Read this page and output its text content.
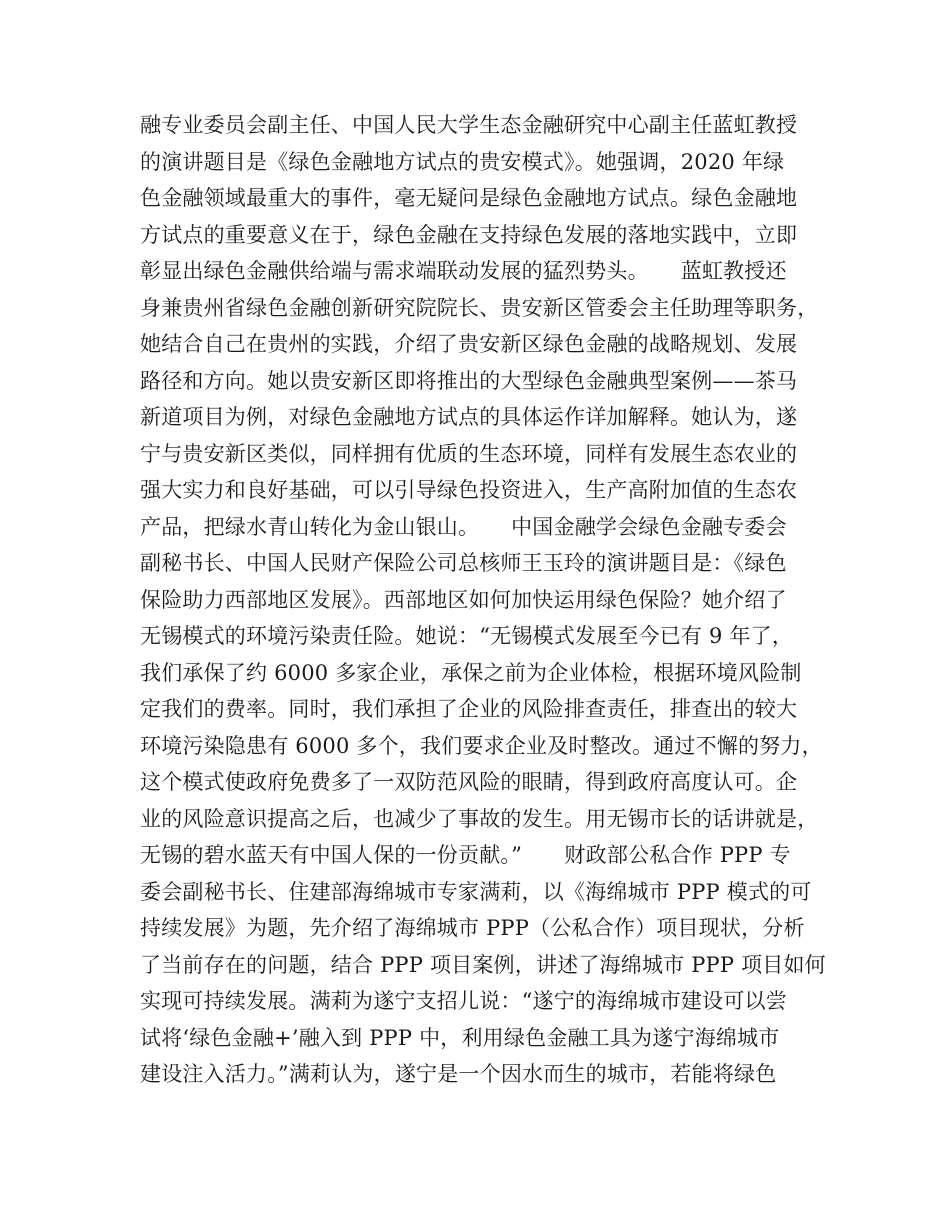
融专业委员会副主任、中国人民大学生态金融研究中心副主任蓝虹教授
的演讲题目是《绿色金融地方试点的贵安模式》。她强调，2020 年绿
色金融领域最重大的事件，毫无疑问是绿色金融地方试点。绿色金融地
方试点的重要意义在于，绿色金融在支持绿色发展的落地实践中，立即
彰显出绿色金融供给端与需求端联动发展的猛烈势头。　　蓝虹教授还
身兼贵州省绿色金融创新研究院院长、贵安新区管委会主任助理等职务，
她结合自己在贵州的实践，介绍了贵安新区绿色金融的战略规划、发展
路径和方向。她以贵安新区即将推出的大型绿色金融典型案例——茶马
新道项目为例，对绿色金融地方试点的具体运作详加解释。她认为，遂
宁与贵安新区类似，同样拥有优质的生态环境，同样有发展生态农业的
强大实力和良好基础，可以引导绿色投资进入，生产高附加值的生态农
产品，把绿水青山转化为金山银山。　　中国金融学会绿色金融专委会
副秘书长、中国人民财产保险公司总核师王玉玲的演讲题目是：《绿色
保险助力西部地区发展》。西部地区如何加快运用绿色保险？她介绍了
无锡模式的环境污染责任险。她说：“无锡模式发展至今已有 9 年了，
我们承保了约 6000 多家企业，承保之前为企业体检，根据环境风险制
定我们的费率。同时，我们承担了企业的风险排查责任，排查出的较大
环境污染隐患有 6000 多个，我们要求企业及时整改。通过不懈的努力，
这个模式使政府免费多了一双防范风险的眼睛，得到政府高度认可。企
业的风险意识提高之后，也减少了事故的发生。用无锡市长的话讲就是，
无锡的碧水蓝天有中国人保的一份贡献。”　　财政部公私合作 PPP 专
委会副秘书长、住建部海绵城市专家满莉，以《海绵城市 PPP 模式的可
持续发展》为题，先介绍了海绵城市 PPP（公私合作）项目现状，分析
了当前存在的问题，结合 PPP 项目案例，讲述了海绵城市 PPP 项目如何
实现可持续发展。满莉为遂宁支招儿说：“遂宁的海绵城市建设可以尝
试将‘绿色金融+’融入到 PPP 中，利用绿色金融工具为遂宁海绵城市
建设注入活力。”满莉认为，遂宁是一个因水而生的城市，若能将绿色
